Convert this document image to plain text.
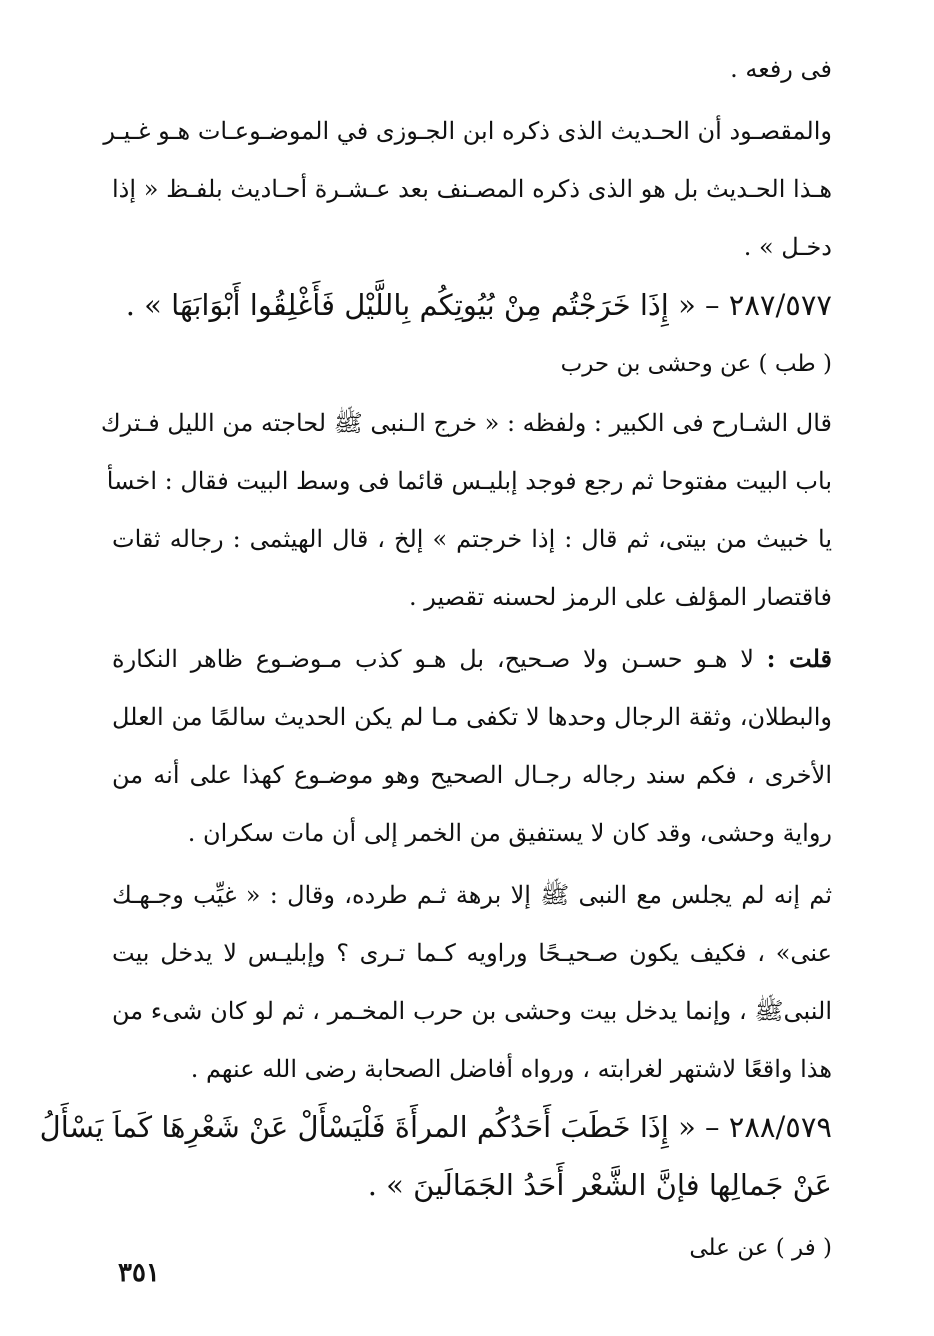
فى رفعه .
والمقصـود أن الحـديث الذى ذكره ابن الجـوزى في الموضـوعـات هـو غـيـر
هـذا الحـديث بل هو الذى ذكره المصـنف بعد عـشـرة أحـاديث بلفـظ « إذا
دخـل » .
٢٨٧/٥٧٧ – « إِذَا خَرَجْتُم مِنْ بُيُوتِكُم بِاللَّيْل فَأَغْلِقُوا أَبْوَابَهَا » .
( طب ) عن وحشى بن حرب
قال الشـارح فى الكبير : ولفظه : « خرج الـنبى ﷺ لحاجته من الليل فـترك
باب البيت مفتوحا ثم رجع فوجد إبليـس قائما فى وسط البيت فقال : اخسأ
يا خبيث من بيتى، ثم قال : إذا خرجتم » إلخ ، قال الهيثمى : رجاله ثقات
فاقتصار المؤلف على الرمز لحسنه تقصير .
قلت : لا هـو حسـن ولا صـحيح، بل هـو كذب مـوضـوع ظاهر النكارة
والبطلان، وثقة الرجال وحدها لا تكفى مـا لم يكن الحديث سالمًا من العلل
الأخرى ، فكم سند رجاله رجـال الصحيح وهو موضـوع كهذا على أنه من
رواية وحشى، وقد كان لا يستفيق من الخمر إلى أن مات سكران .
ثم إنه لم يجلس مع النبى ﷺ إلا برهة ثـم طرده، وقال : « غيِّب وجـهـك
عنى» ، فكيف يكون صـحيـحًا وراويه كـما تـرى ؟ وإبليـس لا يدخل بيت
النبىﷺ ، وإنما يدخل بيت وحشى بن حرب المخـمر ، ثم لو كان شىء من
هذا واقعًا لاشتهر لغرابته ، ورواه أفاضل الصحابة رضى الله عنهم .
٢٨٨/٥٧٩ – « إِذَا خَطَبَ أَحَدُكُم المرأَةَ فَلْيَسْأَلْ عَنْ شَعْرِهَا كَماَ يَسْأَلُ
عَنْ جَمالِها فإنَّ الشَّعْر أَحَدُ الجَمَالَينَ » .
( فر ) عن على
٣٥١
